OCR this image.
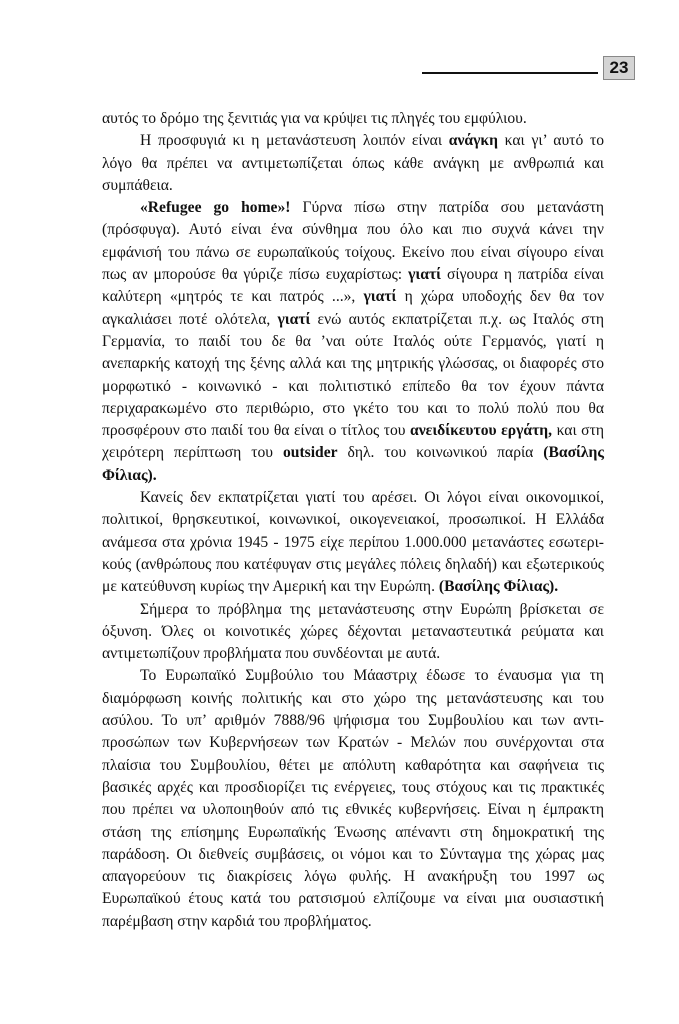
23

αυτός το δρόμο της ξενιτιάς για να κρύψει τις πληγές του εμφύλιου.

Η προσφυγιά κι η μετανάστευση λοιπόν είναι ανάγκη και γι’ αυτό το λόγο θα πρέπει να αντιμετωπίζεται όπως κάθε ανάγκη με ανθρωπιά και συμπάθεια.

«Refugee go home»! Γύρνα πίσω στην πατρίδα σου μετανάστη (πρόσφυγα). Αυτό είναι ένα σύνθημα που όλο και πιο συχνά κάνει την εμφάνισή του πάνω σε ευρωπαϊκούς τοίχους. Εκείνο που είναι σίγουρο είναι πως αν μπορούσε θα γύριζε πίσω ευχαρίστως: γιατί σίγουρα η πατρίδα είναι καλύτερη «μητρός τε και πατρός ...», γιατί η χώρα υποδοχής δεν θα τον αγκαλιάσει ποτέ ολότελα, γιατί ενώ αυτός εκπατρίζεται π.χ. ως Ιταλός στη Γερμανία, το παιδί του δε θα ’ναι ούτε Ιταλός ούτε Γερμανός, γιατί η ανεπαρκής κατοχή της ξένης αλλά και της μητρικής γλώσσας, οι διαφορές στο μορφωτικό - κοινωνικό - και πολιτιστικό επίπεδο θα τον έχουν πάντα περιχαρακωμένο στο περιθώριο, στο γκέτο του και το πολύ πολύ που θα προσφέρουν στο παιδί του θα είναι ο τίτλος του ανειδίκευτου εργάτη, και στη χειρότερη περίπτωση του outsider δηλ. του κοινωνικού παρία (Βασίλης Φίλιας).

Κανείς δεν εκπατρίζεται γιατί του αρέσει. Οι λόγοι είναι οικονομικοί, πολιτικοί, θρησκευτικοί, κοινωνικοί, οικογενειακοί, προσωπικοί. Η Ελλάδα ανάμεσα στα χρόνια 1945 - 1975 είχε περίπου 1.000.000 μετανάστες εσωτερικούς (ανθρώπους που κατέφυγαν στις μεγάλες πόλεις δηλαδή) και εξωτερικούς με κατεύθυνση κυρίως την Αμερική και την Ευρώπη. (Βασίλης Φίλιας).

Σήμερα το πρόβλημα της μετανάστευσης στην Ευρώπη βρίσκεται σε όξυνση. Όλες οι κοινοτικές χώρες δέχονται μεταναστευτικά ρεύματα και αντιμετωπίζουν προβλήματα που συνδέονται με αυτά.

Το Ευρωπαϊκό Συμβούλιο του Μάαστριχ έδωσε το έναυσμα για τη διαμόρφωση κοινής πολιτικής και στο χώρο της μετανάστευσης και του ασύλου. Το υπ’ αριθμόν 7888/96 ψήφισμα του Συμβουλίου και των αντιπροσώπων των Κυβερνήσεων των Κρατών - Μελών που συνέρχονται στα πλαίσια του Συμβουλίου, θέτει με απόλυτη καθαρότητα και σαφήνεια τις βασικές αρχές και προσδιορίζει τις ενέργειες, τους στόχους και τις πρακτικές που πρέπει να υλοποιηθούν από τις εθνικές κυβερνήσεις. Είναι η έμπρακτη στάση της επίσημης Ευρωπαϊκής Ένωσης απέναντι στη δημοκρατική της παράδοση. Οι διεθνείς συμβάσεις, οι νόμοι και το Σύνταγμα της χώρας μας απαγορεύουν τις διακρίσεις λόγω φυλής. Η ανακήρυξη του 1997 ως Ευρωπαϊκού έτους κατά του ρατσισμού ελπίζουμε να είναι μια ουσιαστική παρέμβαση στην καρδιά του προβλήματος.
